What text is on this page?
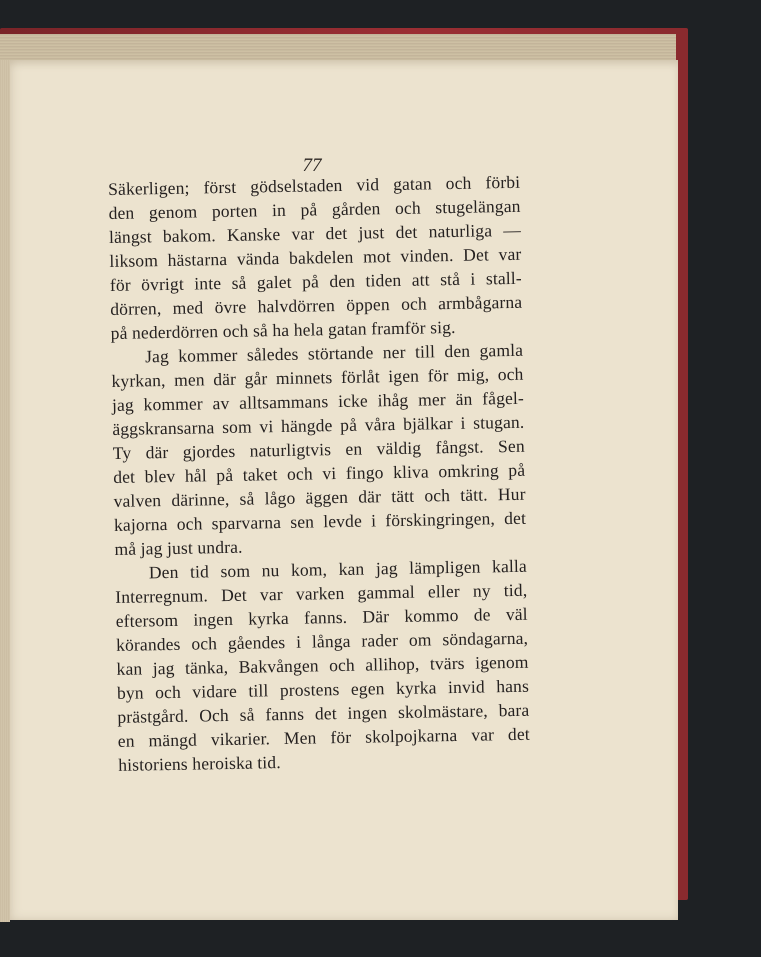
77
Säkerligen; först gödselstaden vid gatan och förbi
den genom porten in på gården och stugelängan
längst bakom. Kanske var det just det naturliga —
liksom hästarna vända bakdelen mot vinden. Det var
för övrigt inte så galet på den tiden att stå i stall-
dörren, med övre halvdörren öppen och armbågarna
på nederdörren och så ha hela gatan framför sig.
Jag kommer således störtande ner till den gamla
kyrkan, men där går minnets förlåt igen för mig, och
jag kommer av alltsammans icke ihåg mer än fågel-
äggskransarna som vi hängde på våra bjälkar i stugan.
Ty där gjordes naturligtvis en väldig fångst. Sen
det blev hål på taket och vi fingo kliva omkring på
valven därinne, så lågo äggen där tätt och tätt. Hur
kajorna och sparvarna sen levde i förskingringen, det
må jag just undra.
Den tid som nu kom, kan jag lämpligen kalla
Interregnum. Det var varken gammal eller ny tid,
eftersom ingen kyrka fanns. Där kommo de väl
körandes och gåendes i långa rader om söndagarna,
kan jag tänka, Bakvången och allihop, tvärs igenom
byn och vidare till prostens egen kyrka invid hans
prästgård. Och så fanns det ingen skolmästare, bara
en mängd vikarier. Men för skolpojkarna var det
historiens heroiska tid.
